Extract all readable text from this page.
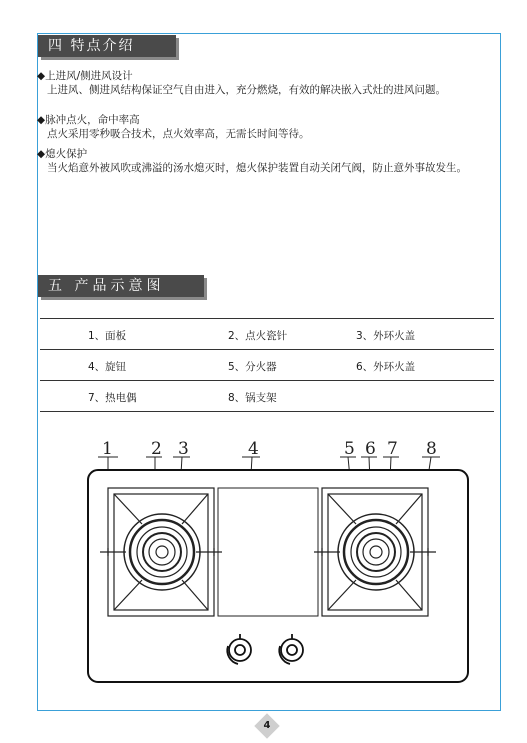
四 特点介绍
◆上进风/侧进风设计
上进风、侧进风结构保证空气自由进入，充分燃烧，有效的解决嵌入式灶的进风问题。
◆脉冲点火，命中率高
点火采用零秒吸合技术，点火效率高，无需长时间等待。
◆熄火保护
当火焰意外被风吹或沸溢的汤水熄灭时，熄火保护装置自动关闭气阀，防止意外事故发生。
五 产品示意图
1、面板	2、点火瓷针	3、外环火盖
4、旋钮	5、分火器	6、外环火盖
7、热电偶	8、锅支架
1 2 3	4	5 6 7 8
4
